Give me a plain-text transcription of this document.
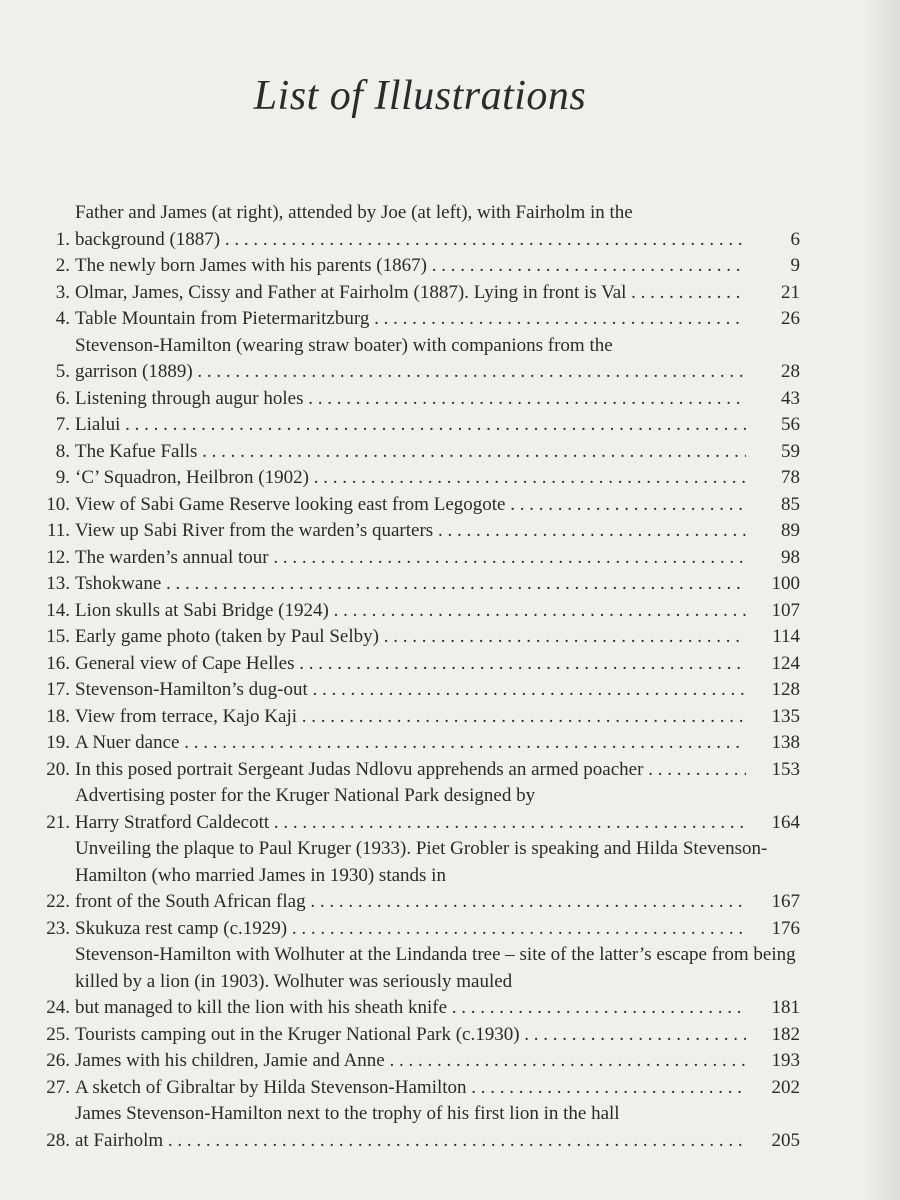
List of Illustrations
1.
Father and James (at right), attended by Joe (at left), with Fairholm in the
background (1887) . . .	6
2. The newly born James with his parents (1867) . . .	9
3. Olmar, James, Cissy and Father at Fairholm (1887). Lying in front is Val . . .	21
4. Table Mountain from Pietermaritzburg . . .	26
5.
Stevenson-Hamilton (wearing straw boater) with companions from the
garrison (1889) . . .	28
6. Listening through augur holes . . .	43
7. Lialui . . .	56
8. The Kafue Falls . . .	59
9. ‘C’ Squadron, Heilbron (1902) . . .	78
10. View of Sabi Game Reserve looking east from Legogote . . .	85
11. View up Sabi River from the warden’s quarters . . .	89
12. The warden’s annual tour . . .	98
13. Tshokwane . . .	100
14. Lion skulls at Sabi Bridge (1924) . . .	107
15. Early game photo (taken by Paul Selby) . . .	114
16. General view of Cape Helles . . .	124
17. Stevenson-Hamilton’s dug-out . . .	128
18. View from terrace, Kajo Kaji . . .	135
19. A Nuer dance . . .	138
20. In this posed portrait Sergeant Judas Ndlovu apprehends an armed poacher . . .	153
21.
Advertising poster for the Kruger National Park designed by
Harry Stratford Caldecott . . .	164
22.
Unveiling the plaque to Paul Kruger (1933). Piet Grobler is speaking and Hilda Stevenson-Hamilton (who married James in 1930) stands in
front of the South African flag . . .	167
23. Skukuza rest camp (c.1929) . . .	176
24.
Stevenson-Hamilton with Wolhuter at the Lindanda tree – site of the latter’s escape from being killed by a lion (in 1903). Wolhuter was seriously mauled
but managed to kill the lion with his sheath knife . . .	181
25. Tourists camping out in the Kruger National Park (c.1930) . . .	182
26. James with his children, Jamie and Anne . . .	193
27. A sketch of Gibraltar by Hilda Stevenson-Hamilton . . .	202
28.
James Stevenson-Hamilton next to the trophy of his first lion in the hall
at Fairholm . . .	205
